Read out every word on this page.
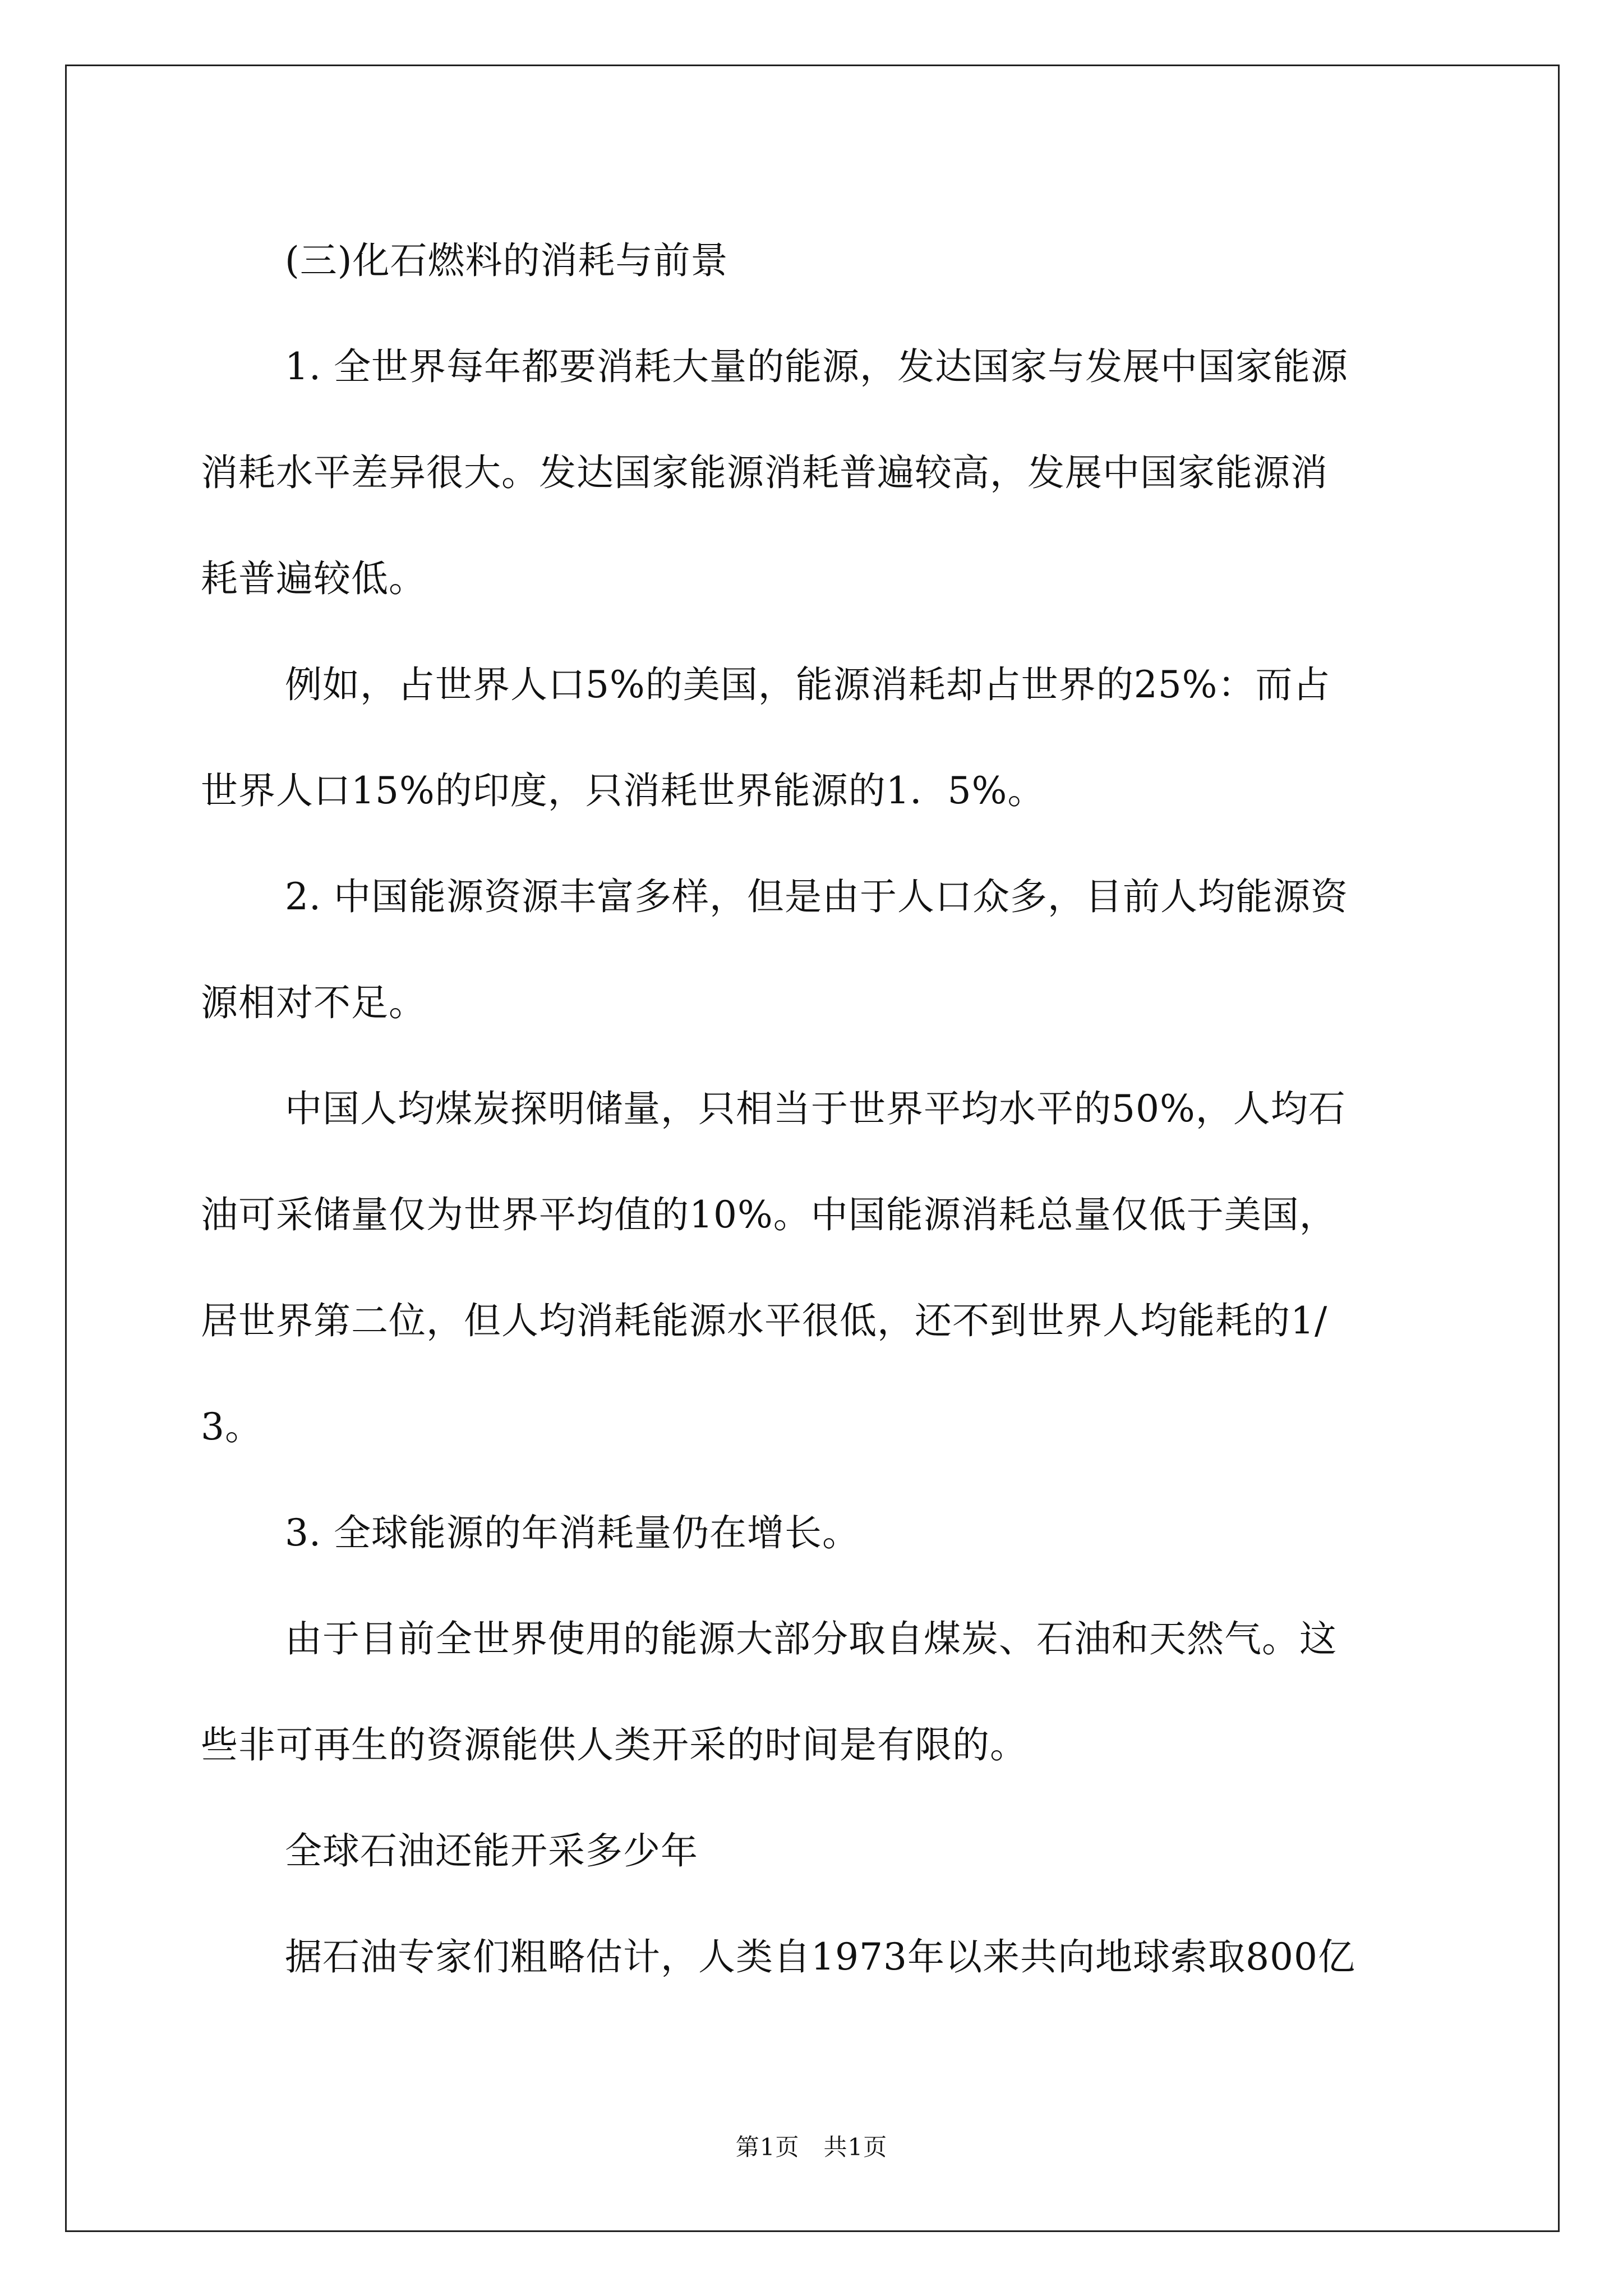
(三)化石燃料的消耗与前景
1. 全世界每年都要消耗大量的能源，发达国家与发展中国家能源
消耗水平差异很大。发达国家能源消耗普遍较高，发展中国家能源消
耗普遍较低。
例如，占世界人口5%的美国，能源消耗却占世界的25%：而占
世界人口15%的印度，只消耗世界能源的1．5%。
2. 中国能源资源丰富多样，但是由于人口众多，目前人均能源资
源相对不足。
中国人均煤炭探明储量，只相当于世界平均水平的50%，人均石
油可采储量仅为世界平均值的10%。中国能源消耗总量仅低于美国，
居世界第二位，但人均消耗能源水平很低，还不到世界人均能耗的1/
3。
3. 全球能源的年消耗量仍在增长。
由于目前全世界使用的能源大部分取自煤炭、石油和天然气。这
些非可再生的资源能供人类开采的时间是有限的。
全球石油还能开采多少年
据石油专家们粗略估计，人类自1973年以来共向地球索取800亿

第1页　共1页
